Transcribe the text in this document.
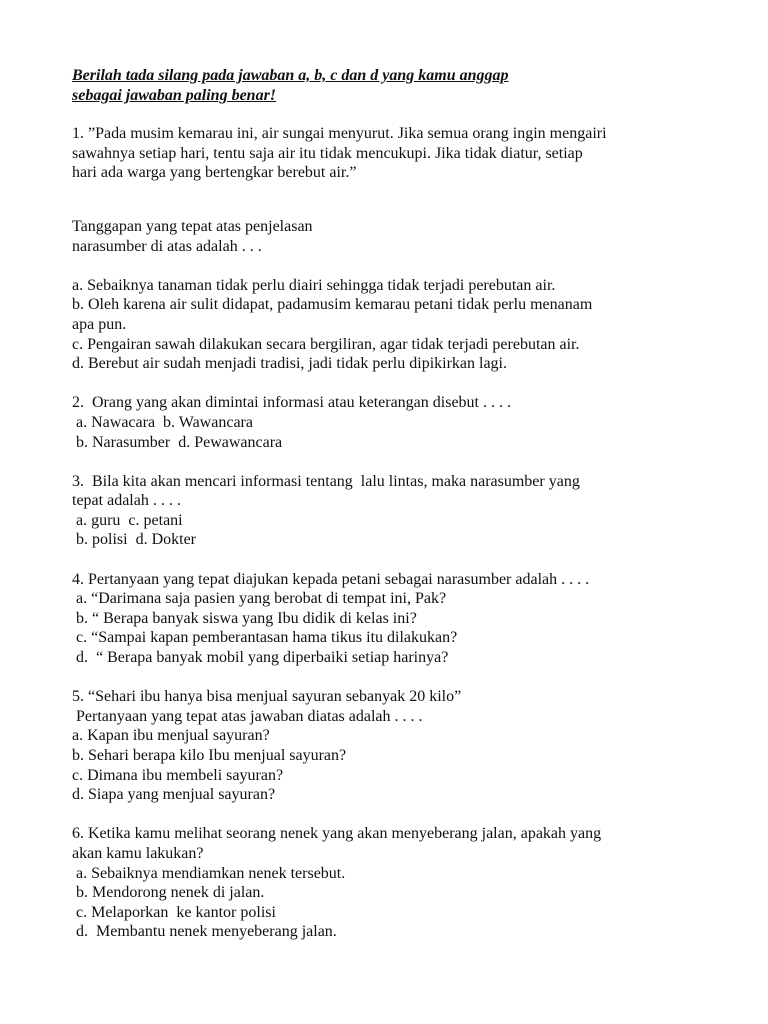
Berilah tada silang pada jawaban a, b, c dan d yang kamu anggap
sebagai jawaban paling benar!
1. ”Pada musim kemarau ini, air sungai menyurut. Jika semua orang ingin mengairi
sawahnya setiap hari, tentu saja air itu tidak mencukupi. Jika tidak diatur, setiap
hari ada warga yang bertengkar berebut air.”
Tanggapan yang tepat atas penjelasan
narasumber di atas adalah . . .
a. Sebaiknya tanaman tidak perlu diairi sehingga tidak terjadi perebutan air.
b. Oleh karena air sulit didapat, padamusim kemarau petani tidak perlu menanam
apa pun.
c. Pengairan sawah dilakukan secara bergiliran, agar tidak terjadi perebutan air.
d. Berebut air sudah menjadi tradisi, jadi tidak perlu dipikirkan lagi.
2.  Orang yang akan dimintai informasi atau keterangan disebut . . . .
a. Nawacara  b. Wawancara
b. Narasumber  d. Pewawancara
3.  Bila kita akan mencari informasi tentang  lalu lintas, maka narasumber yang
tepat adalah . . . .
a. guru  c. petani
b. polisi  d. Dokter
4. Pertanyaan yang tepat diajukan kepada petani sebagai narasumber adalah . . . .
a. “Darimana saja pasien yang berobat di tempat ini, Pak?
b. “ Berapa banyak siswa yang Ibu didik di kelas ini?
c. “Sampai kapan pemberantasan hama tikus itu dilakukan?
d.  “ Berapa banyak mobil yang diperbaiki setiap harinya?
5. “Sehari ibu hanya bisa menjual sayuran sebanyak 20 kilo”
Pertanyaan yang tepat atas jawaban diatas adalah . . . .
a. Kapan ibu menjual sayuran?
b. Sehari berapa kilo Ibu menjual sayuran?
c. Dimana ibu membeli sayuran?
d. Siapa yang menjual sayuran?
6. Ketika kamu melihat seorang nenek yang akan menyeberang jalan, apakah yang
akan kamu lakukan?
a. Sebaiknya mendiamkan nenek tersebut.
b. Mendorong nenek di jalan.
c. Melaporkan  ke kantor polisi
d.  Membantu nenek menyeberang jalan.
